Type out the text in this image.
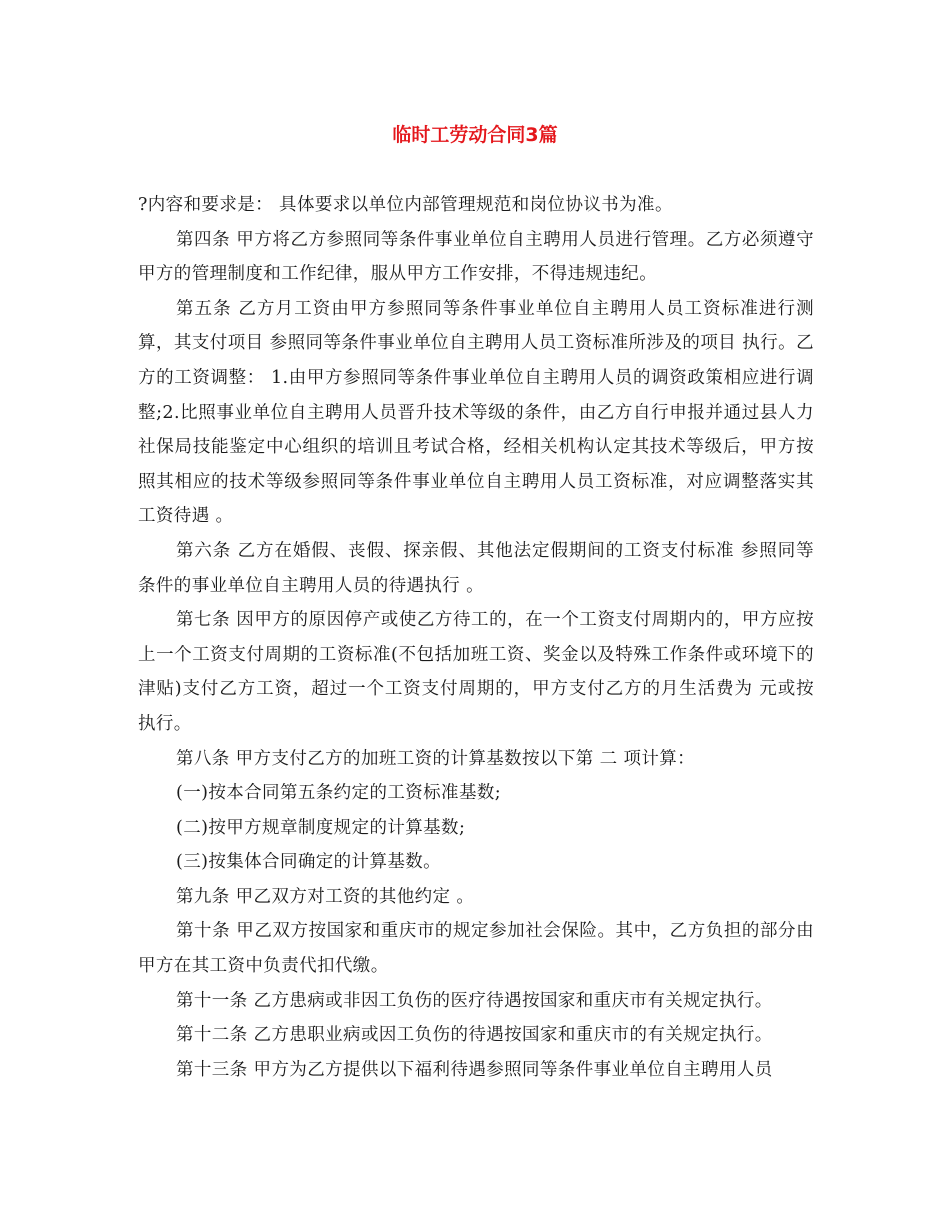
临时工劳动合同3篇

?内容和要求是： 具体要求以单位内部管理规范和岗位协议书为准。

第四条 甲方将乙方参照同等条件事业单位自主聘用人员进行管理。乙方必须遵守甲方的管理制度和工作纪律，服从甲方工作安排，不得违规违纪。

第五条 乙方月工资由甲方参照同等条件事业单位自主聘用人员工资标准进行测算，其支付项目 参照同等条件事业单位自主聘用人员工资标准所涉及的项目 执行。乙方的工资调整： 1.由甲方参照同等条件事业单位自主聘用人员的调资政策相应进行调整;2.比照事业单位自主聘用人员晋升技术等级的条件，由乙方自行申报并通过县人力社保局技能鉴定中心组织的培训且考试合格，经相关机构认定其技术等级后，甲方按照其相应的技术等级参照同等条件事业单位自主聘用人员工资标准，对应调整落实其工资待遇 。

第六条 乙方在婚假、丧假、探亲假、其他法定假期间的工资支付标准 参照同等条件的事业单位自主聘用人员的待遇执行 。

第七条 因甲方的原因停产或使乙方待工的，在一个工资支付周期内的，甲方应按上一个工资支付周期的工资标准(不包括加班工资、奖金以及特殊工作条件或环境下的津贴)支付乙方工资，超过一个工资支付周期的，甲方支付乙方的月生活费为 元或按 执行。

第八条 甲方支付乙方的加班工资的计算基数按以下第 二 项计算：

(一)按本合同第五条约定的工资标准基数;

(二)按甲方规章制度规定的计算基数;

(三)按集体合同确定的计算基数。

第九条 甲乙双方对工资的其他约定 。

第十条 甲乙双方按国家和重庆市的规定参加社会保险。其中，乙方负担的部分由甲方在其工资中负责代扣代缴。

第十一条 乙方患病或非因工负伤的医疗待遇按国家和重庆市有关规定执行。

第十二条 乙方患职业病或因工负伤的待遇按国家和重庆市的有关规定执行。

第十三条 甲方为乙方提供以下福利待遇参照同等条件事业单位自主聘用人员
